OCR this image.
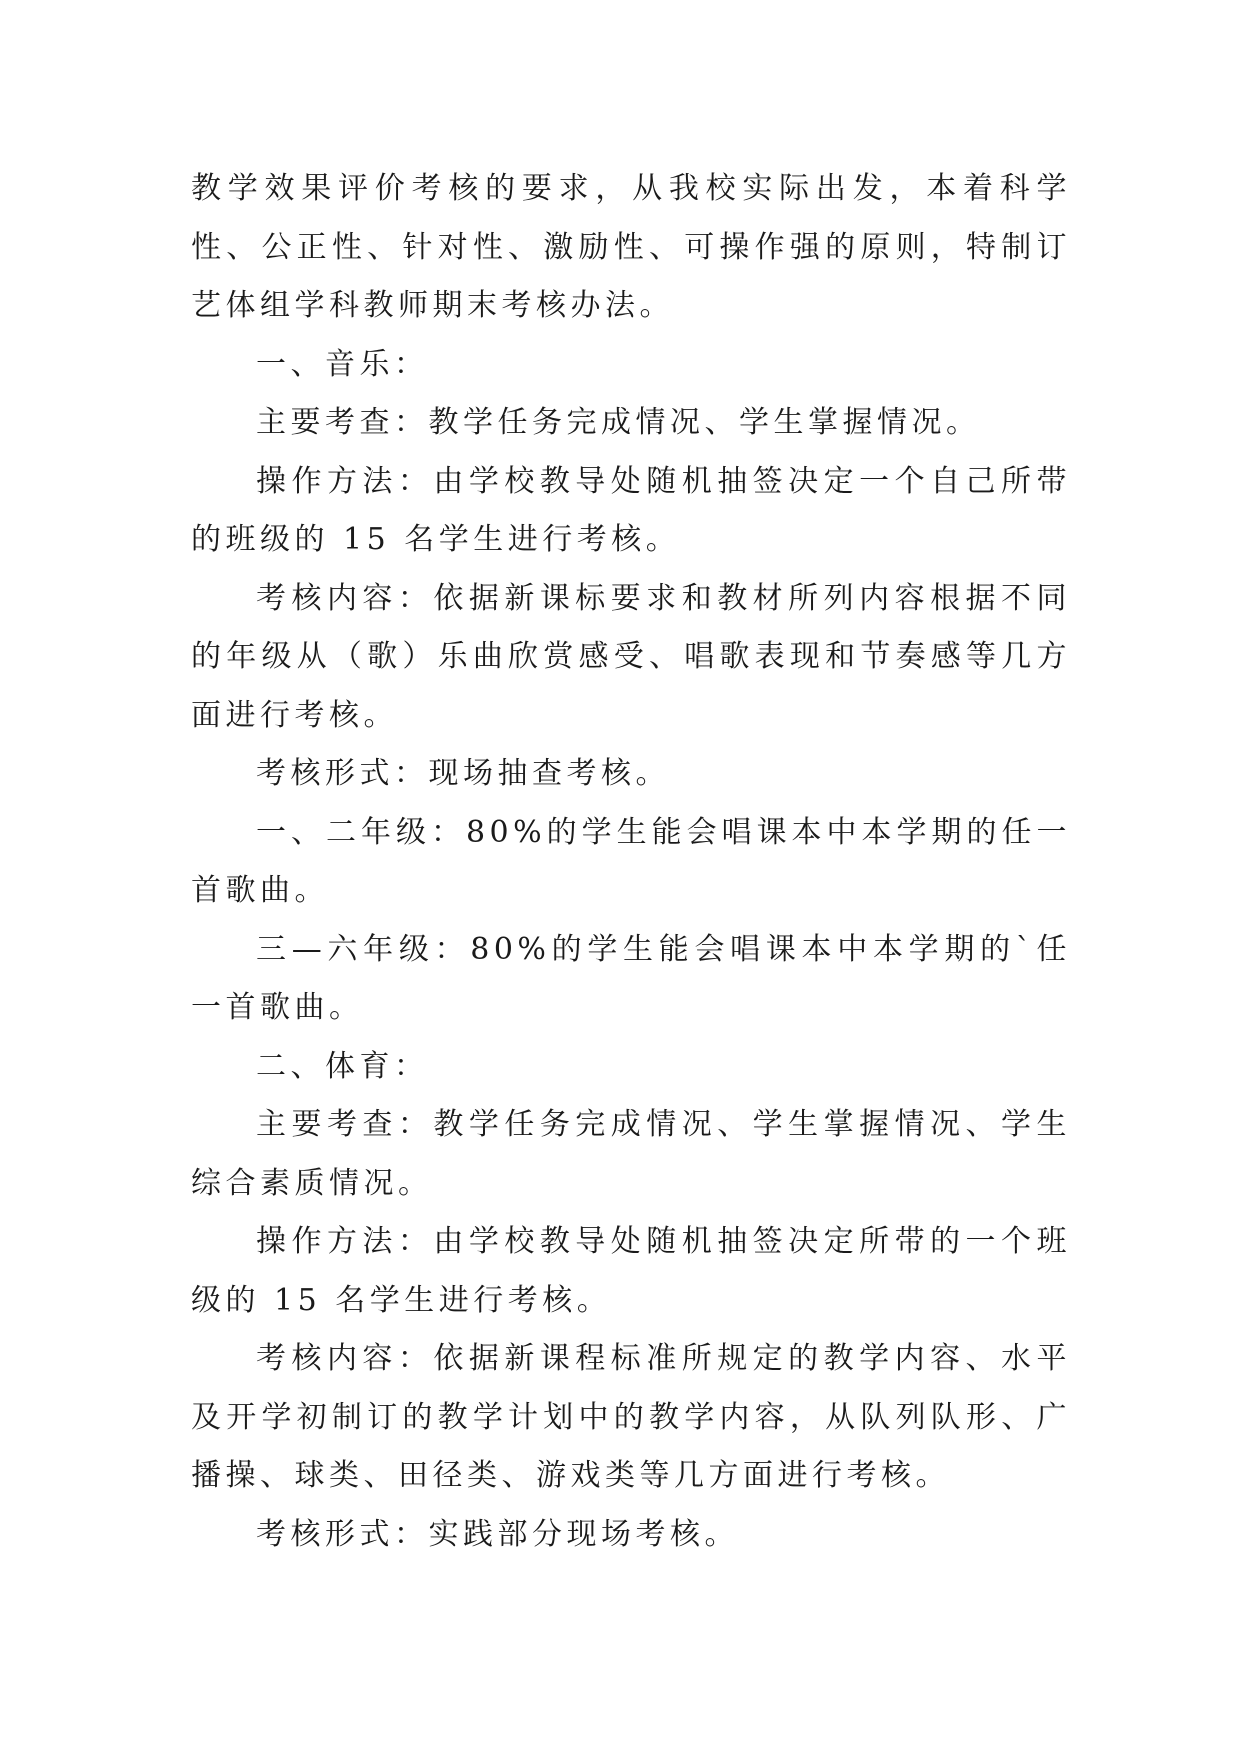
教学效果评价考核的要求，从我校实际出发，本着科学性、公正性、针对性、激励性、可操作强的原则，特制订艺体组学科教师期末考核办法。

一、音乐：

主要考查：教学任务完成情况、学生掌握情况。

操作方法：由学校教导处随机抽签决定一个自己所带的班级的 15 名学生进行考核。

考核内容：依据新课标要求和教材所列内容根据不同的年级从（歌）乐曲欣赏感受、唱歌表现和节奏感等几方面进行考核。

考核形式：现场抽查考核。

一、二年级：80%的学生能会唱课本中本学期的任一首歌曲。

三—六年级：80%的学生能会唱课本中本学期的`任一首歌曲。

二、体育：

主要考查：教学任务完成情况、学生掌握情况、学生综合素质情况。

操作方法：由学校教导处随机抽签决定所带的一个班级的 15 名学生进行考核。

考核内容：依据新课程标准所规定的教学内容、水平及开学初制订的教学计划中的教学内容，从队列队形、广播操、球类、田径类、游戏类等几方面进行考核。

考核形式：实践部分现场考核。
